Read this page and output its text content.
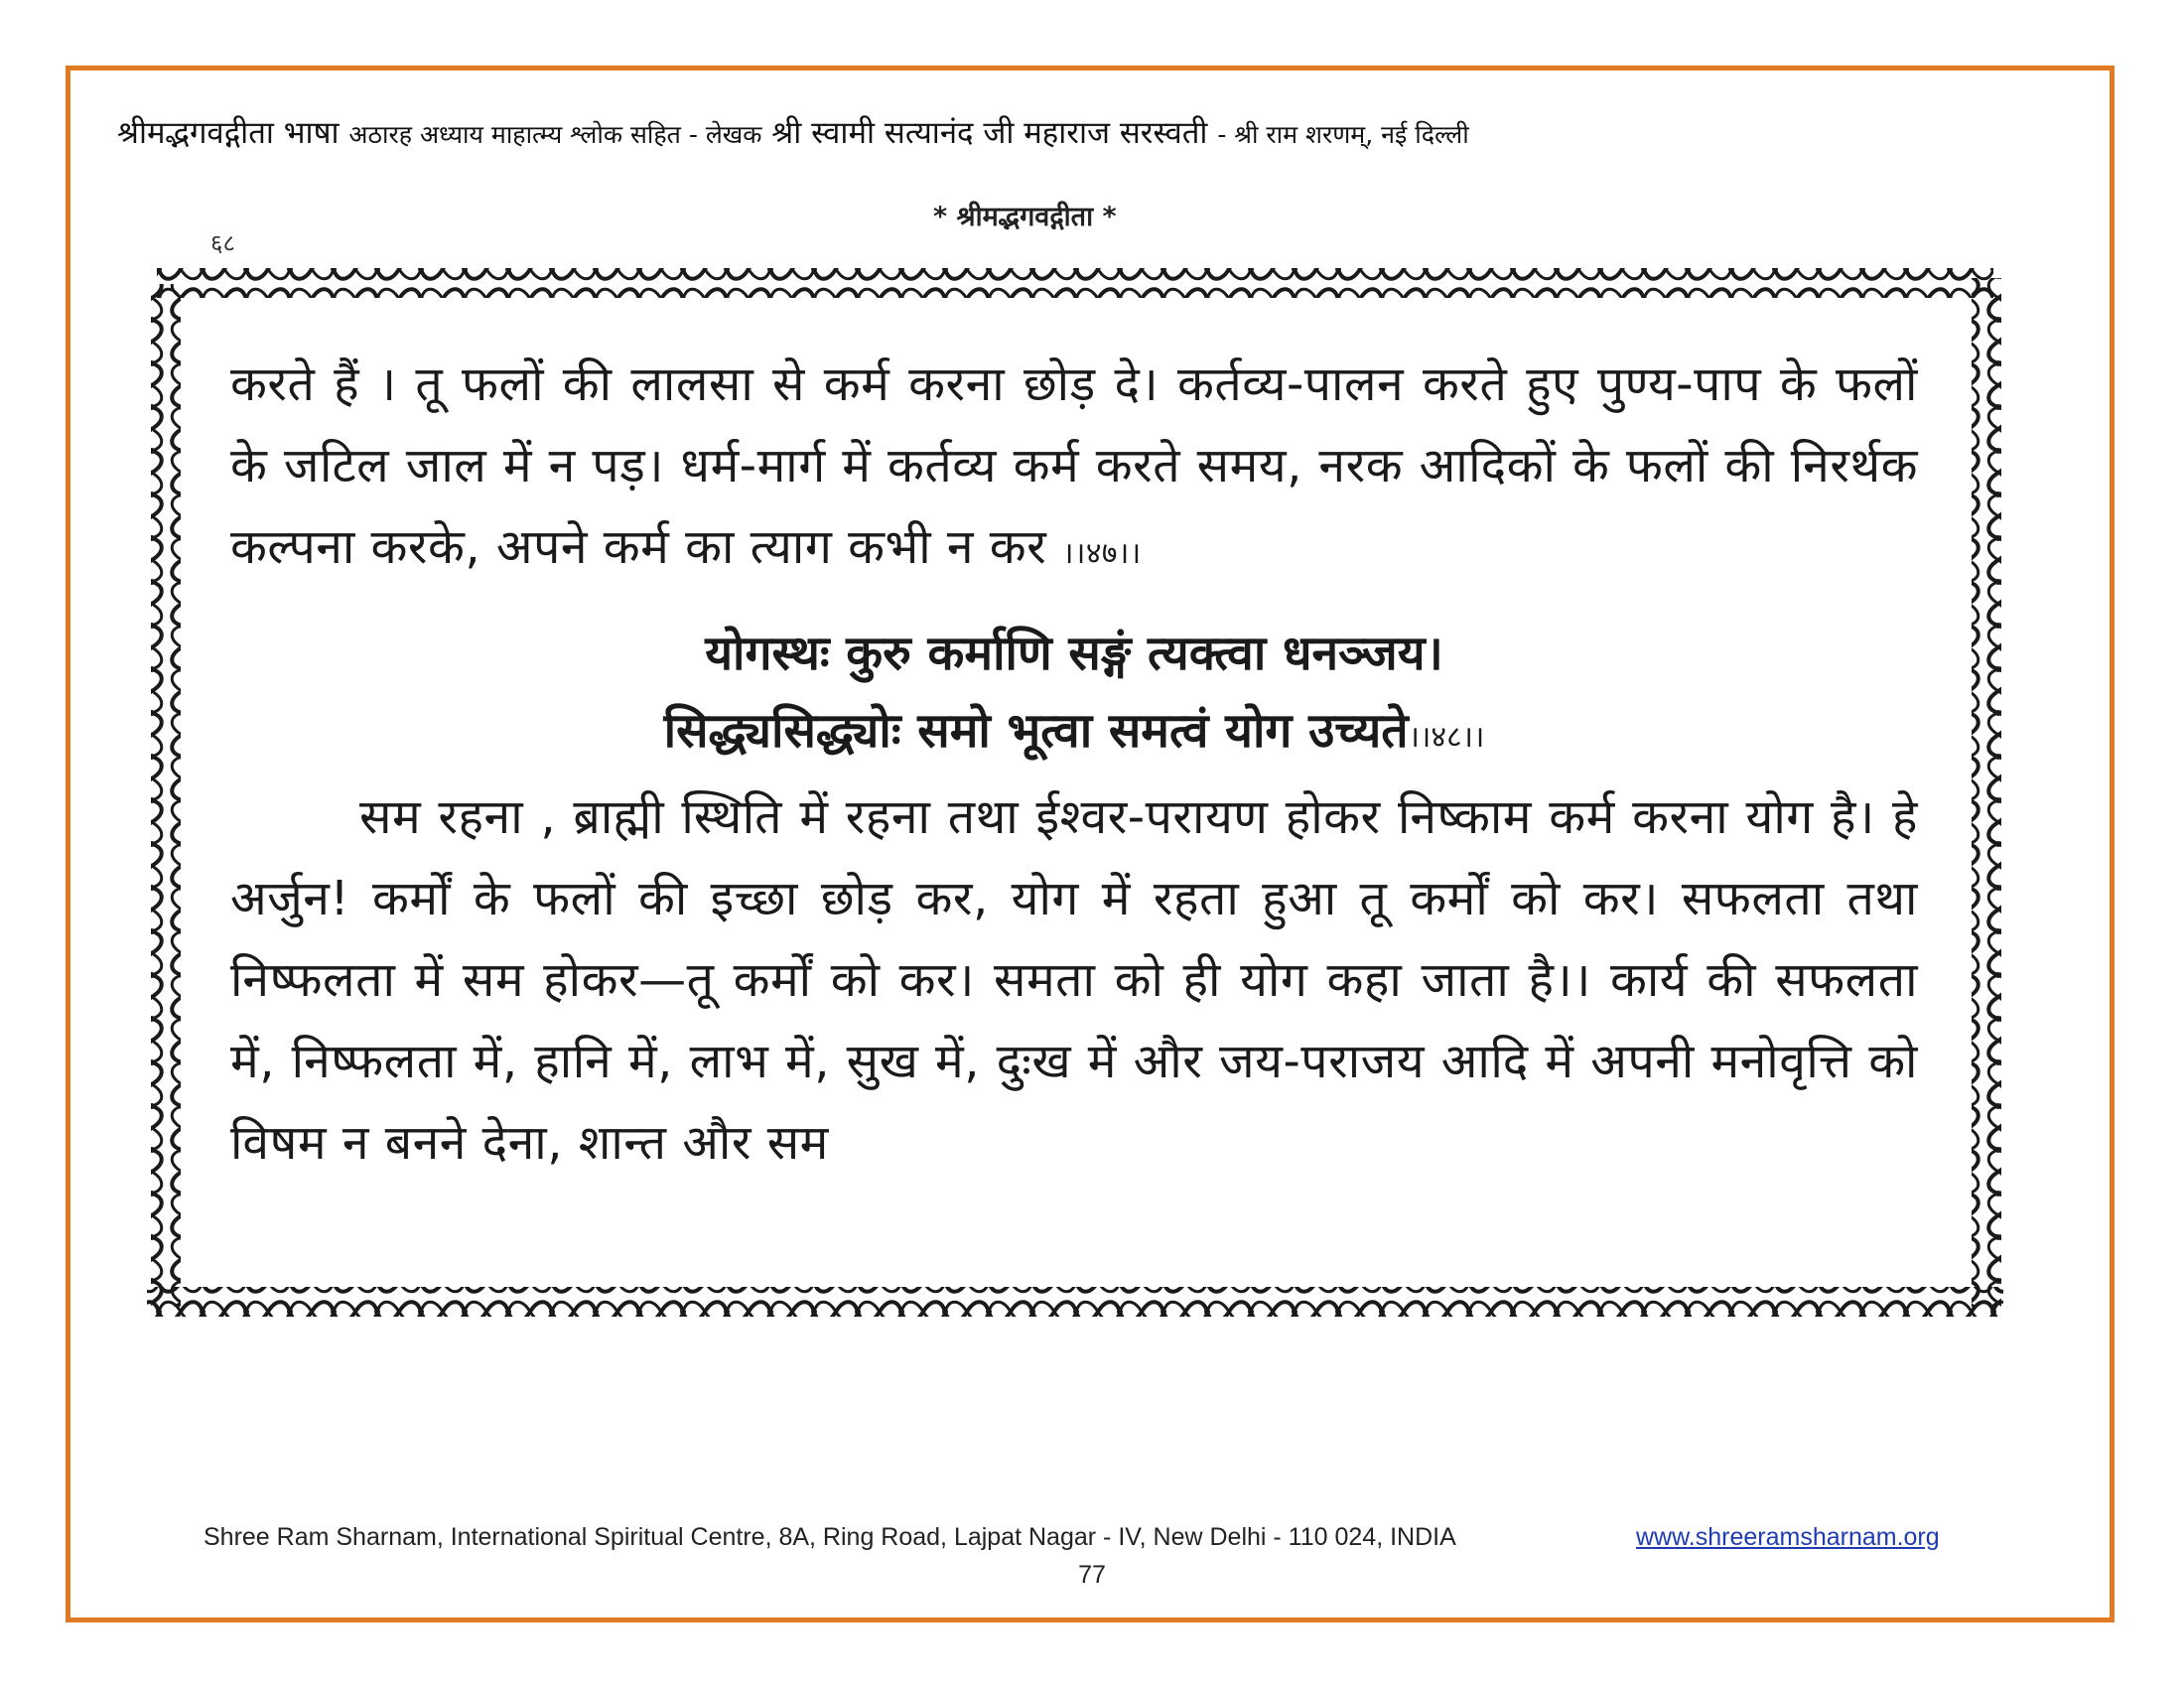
श्रीमद्भगवद्गीता भाषा अठारह अध्याय माहात्म्य श्लोक सहित - लेखक श्री स्वामी सत्यानंद जी महाराज सरस्वती - श्री राम शरणम्, नई दिल्ली
* श्रीमद्भगवद्गीता *
६८

करते हैं । तू फलों की लालसा से कर्म करना छोड़ दे। कर्तव्य-पालन करते हुए पुण्य-पाप के फलों के जटिल जाल में न पड़। धर्म-मार्ग में कर्तव्य कर्म करते समय, नरक आदिकों के फलों की निरर्थक कल्पना करके, अपने कर्म का त्याग कभी न कर ।।४७।।

योगस्थः कुरु कर्माणि सङ्गं त्यक्त्वा धनञ्जय।

सिद्ध्यसिद्ध्योः समो भूत्वा समत्वं योग उच्यते।।४८।।

सम रहना , ब्राह्मी स्थिति में रहना तथा ईश्वर-परायण होकर निष्काम कर्म करना योग है। हे अर्जुन! कर्मों के फलों की इच्छा छोड़ कर, योग में रहता हुआ तू कर्मों को कर। सफलता तथा निष्फलता में सम होकर—तू कर्मों को कर। समता को ही योग कहा जाता है।। कार्य की सफलता में, निष्फलता में, हानि में, लाभ में, सुख में, दुःख में और जय-पराजय आदि में अपनी मनोवृत्ति को विषम न बनने देना, शान्त और सम

Shree Ram Sharnam, International Spiritual Centre, 8A, Ring Road, Lajpat Nagar - IV, New Delhi - 110 024, INDIA	www.shreeramsharnam.org
77
